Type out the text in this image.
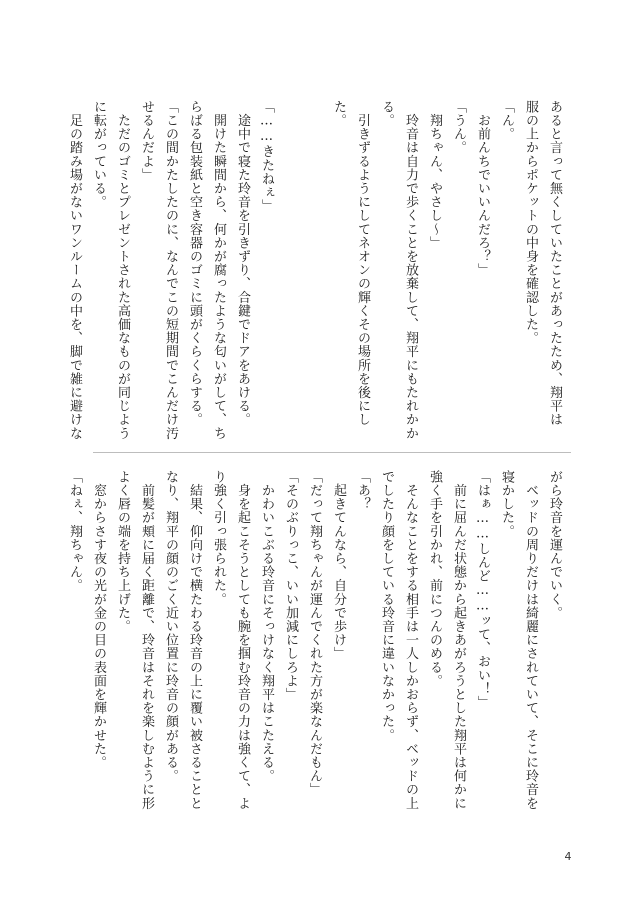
あると言って無くしていたことがあったため、翔平は
服の上からポケットの中身を確認した。
「ん。
　お前んちでいいんだろ？」
「うん。
　翔ちゃん、やさし～」
　玲音は自力で歩くことを放棄して、翔平にもたれかか
る。
　引きずるようにしてネオンの輝くその場所を後にし
た。

「……きたねぇ」
　途中で寝た玲音を引きずり、合鍵でドアをあける。
　開けた瞬間から、何かが腐ったような匂いがして、ち
らばる包装紙と空き容器のゴミに頭がくらくらする。
「この間かたしたのに、なんでこの短期間でこんだけ汚
せるんだよ」
　ただのゴミとプレゼントされた高価なものが同じよう
に転がっている。
　足の踏み場がないワンルームの中を、脚で雑に避けな
がら玲音を運んでいく。
　ベッドの周りだけは綺麗にされていて、そこに玲音を
寝かした。
「はぁ……しんど……ッて、おい！」
　前に屈んだ状態から起きあがろうとした翔平は何かに
強く手を引かれ、前につんのめる。
　そんなことをする相手は一人しかおらず、ベッドの上
でしたり顔をしている玲音に違いなかった。
「あ？
　起きてんなら、自分で歩け」
「だって翔ちゃんが運んでくれた方が楽なんだもん」
「そのぶりっこ、いい加減にしろよ」
　かわいこぶる玲音にそっけなく翔平はこたえる。
　身を起こそうとしても腕を掴む玲音の力は強くて、よ
り強く引っ張られた。
　結果、仰向けで横たわる玲音の上に覆い被さることと
なり、翔平の顔のごく近い位置に玲音の顔がある。
　前髪が頬に届く距離で、玲音はそれを楽しむように形
よく唇の端を持ち上げた。
　窓からさす夜の光が金の目の表面を輝かせた。
「ねぇ、翔ちゃん。
4
